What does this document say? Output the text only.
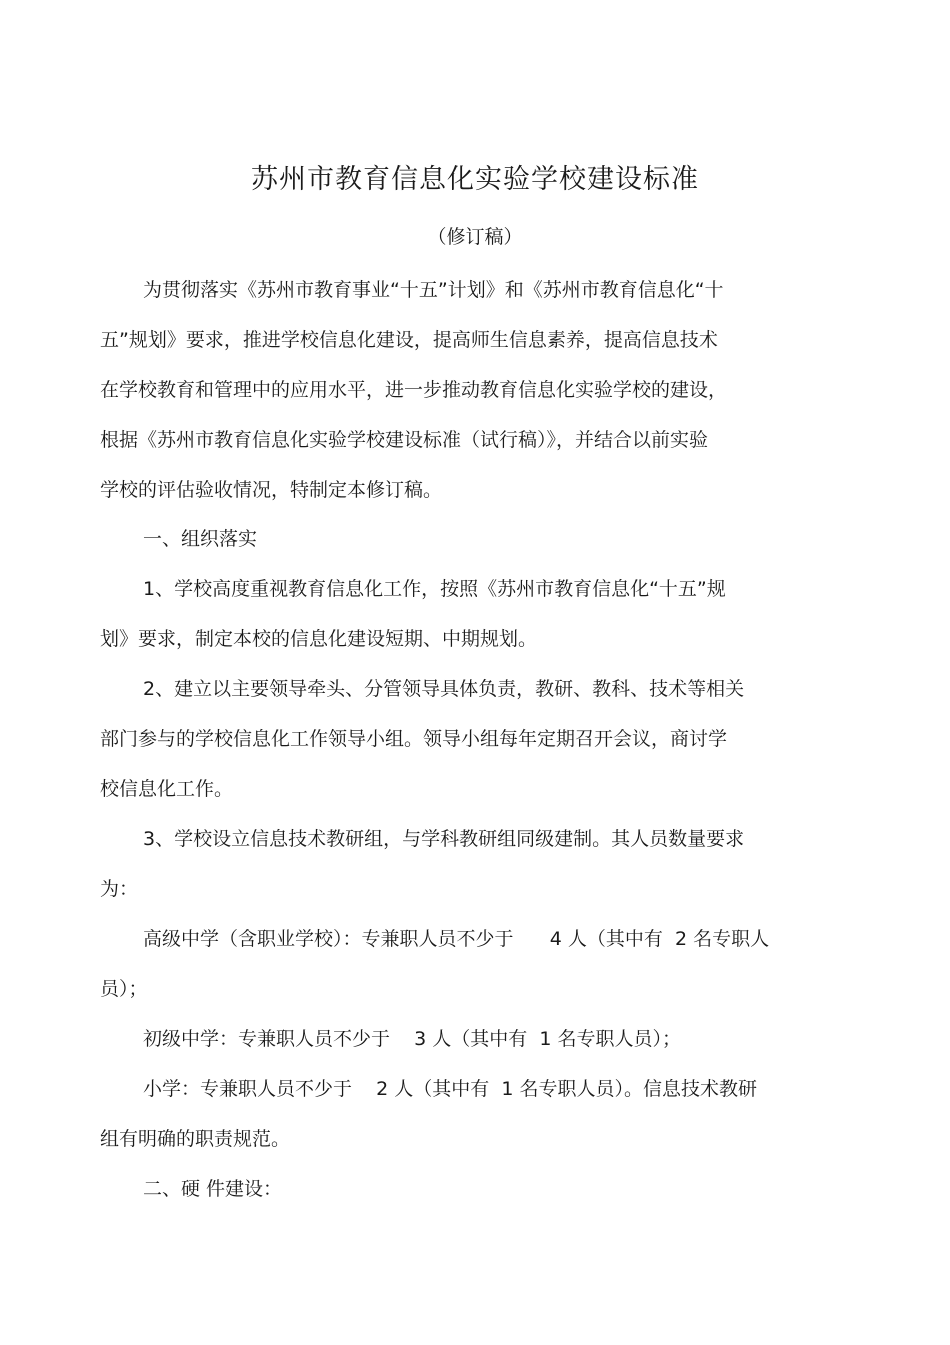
苏州市教育信息化实验学校建设标准
（修订稿）
为贯彻落实《苏州市教育事业“十五”计划》和《苏州市教育信息化“十
五”规划》要求，推进学校信息化建设，提高师生信息素养，提高信息技术
在学校教育和管理中的应用水平，进一步推动教育信息化实验学校的建设，
根据《苏州市教育信息化实验学校建设标准（试行稿）》，并结合以前实验
学校的评估验收情况，特制定本修订稿。
一、组织落实
1、学校高度重视教育信息化工作，按照《苏州市教育信息化“十五”规
划》要求，制定本校的信息化建设短期、中期规划。
2、建立以主要领导牵头、分管领导具体负责，教研、教科、技术等相关
部门参与的学校信息化工作领导小组。领导小组每年定期召开会议，商讨学
校信息化工作。
3、学校设立信息技术教研组，与学科教研组同级建制。其人员数量要求
为：
高级中学（含职业学校）：专兼职人员不少于      4 人（其中有  2 名专职人
员）；
初级中学：专兼职人员不少于    3 人（其中有  1 名专职人员）；
小学：专兼职人员不少于    2 人（其中有  1 名专职人员）。信息技术教研
组有明确的职责规范。
二、硬 件建设：
